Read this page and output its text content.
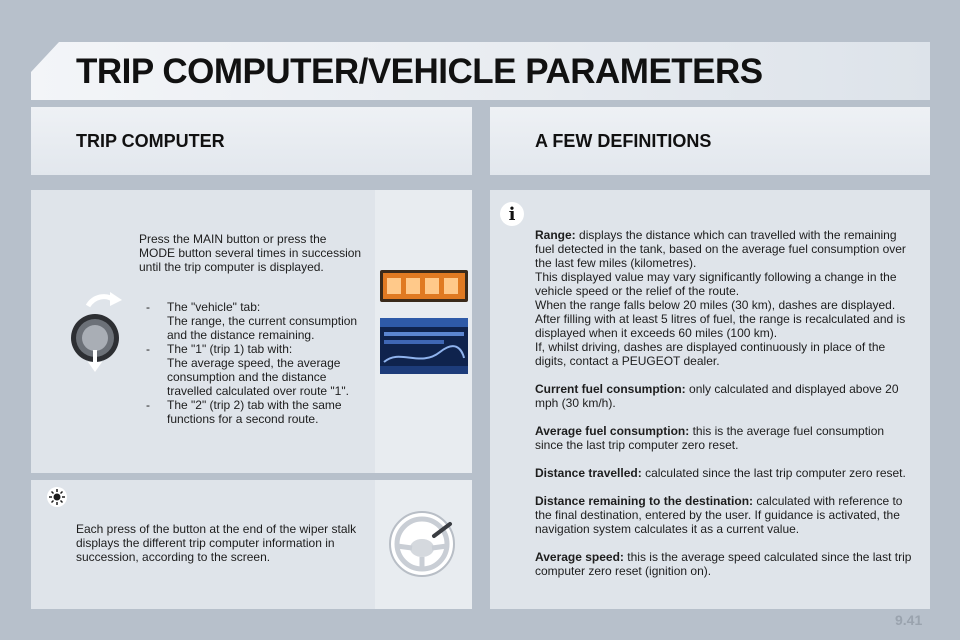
TRIP COMPUTER/VEHICLE PARAMETERS
TRIP COMPUTER	A FEW DEFINITIONS
Press the MAIN button or press the MODE button several times in succession until the trip computer is displayed.
- The "vehicle" tab:
The range, the current consumption and the distance remaining.
- The "1" (trip 1) tab with:
The average speed, the average consumption and the distance travelled calculated over route "1".
- The "2" (trip 2) tab with the same functions for a second route.
Each press of the button at the end of the wiper stalk displays the different trip computer information in succession, according to the screen.
i

Range: displays the distance which can travelled with the remaining fuel detected in the tank, based on the average fuel consumption over the last few miles (kilometres).

This displayed value may vary significantly following a change in the vehicle speed or the relief of the route.

When the range falls below 20 miles (30 km), dashes are displayed. After filling with at least 5 litres of fuel, the range is recalculated and is displayed when it exceeds 60 miles (100 km).

If, whilst driving, dashes are displayed continuously in place of the digits, contact a PEUGEOT dealer.

Current fuel consumption: only calculated and displayed above 20 mph (30 km/h).

Average fuel consumption: this is the average fuel consumption since the last trip computer zero reset.

Distance travelled: calculated since the last trip computer zero reset.

Distance remaining to the destination: calculated with reference to the final destination, entered by the user. If guidance is activated, the navigation system calculates it as a current value.

Average speed: this is the average speed calculated since the last trip computer zero reset (ignition on).

9.41
